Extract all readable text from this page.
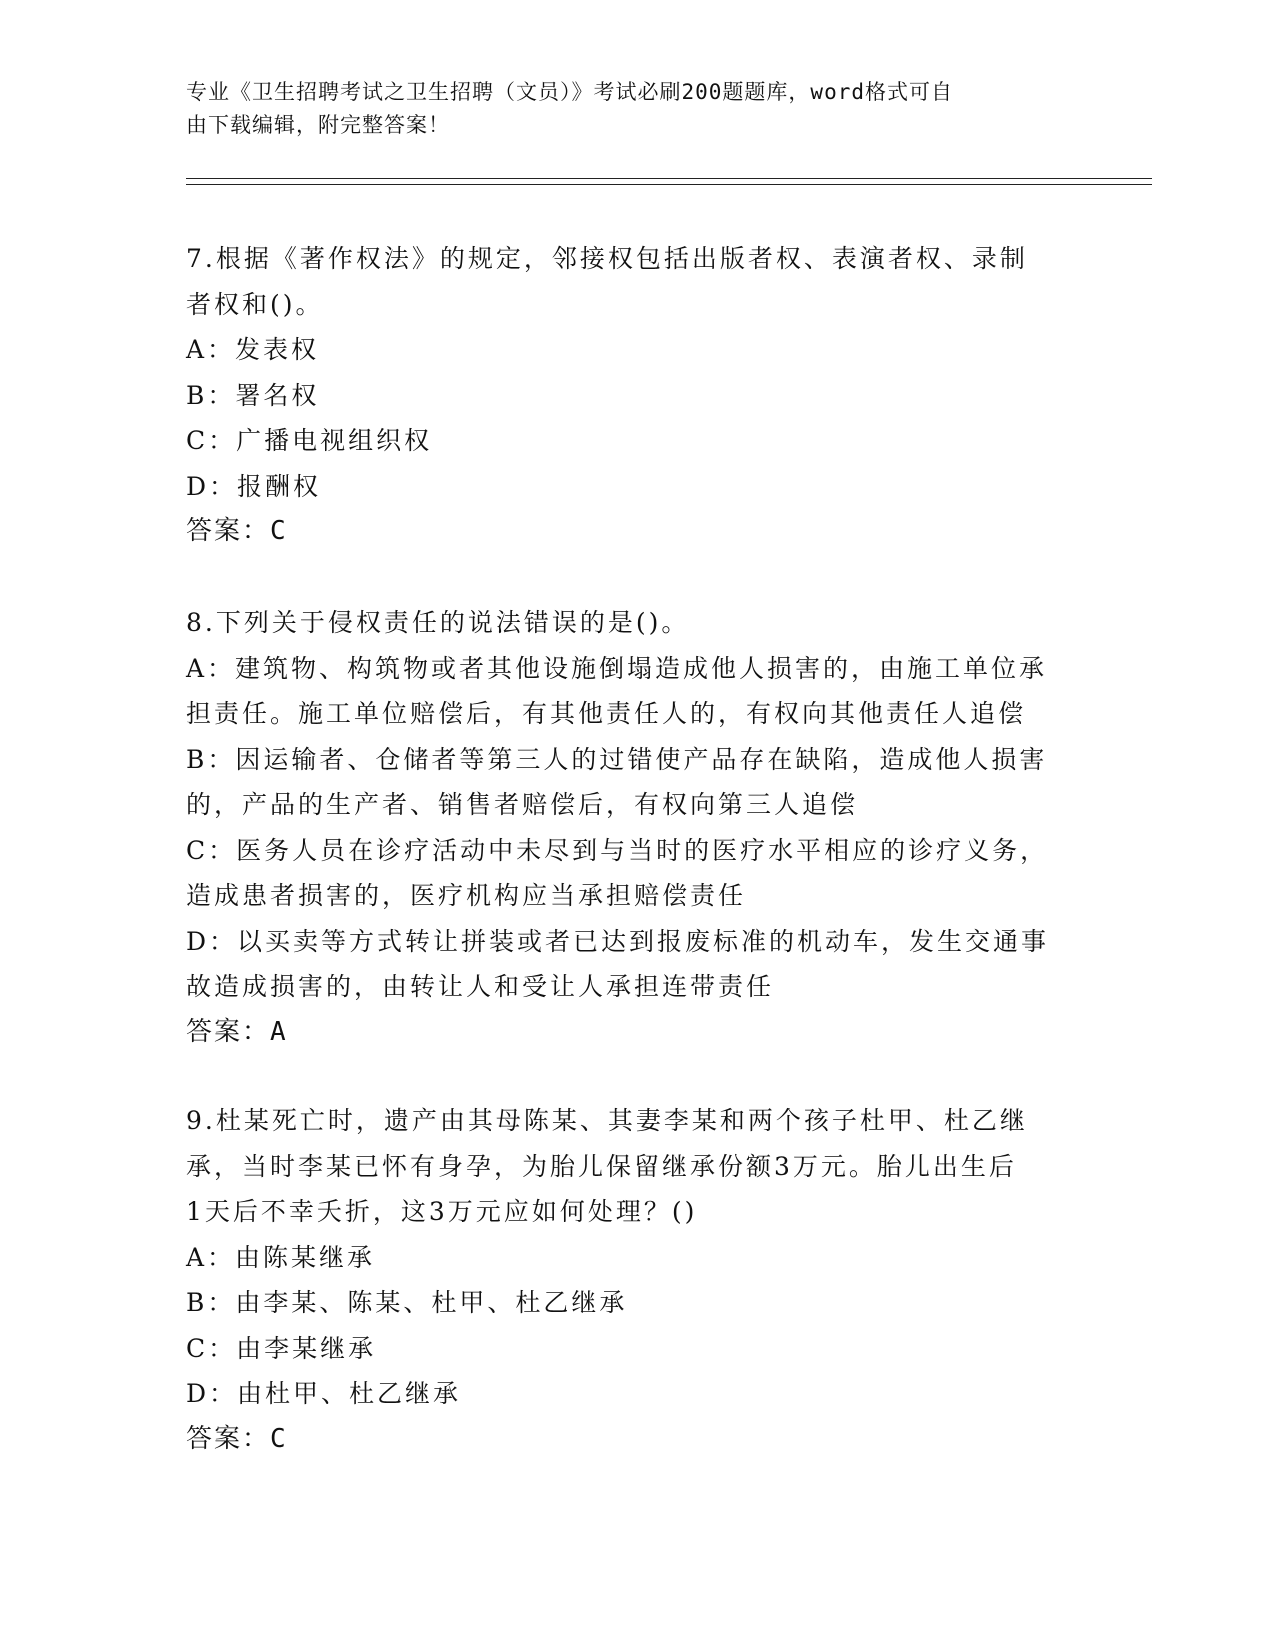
专业《卫生招聘考试之卫生招聘（文员）》考试必刷200题题库，word格式可自
由下载编辑，附完整答案！

7.根据《著作权法》的规定，邻接权包括出版者权、表演者权、录制

者权和()。

A：发表权

B：署名权

C：广播电视组织权

D：报酬权

答案：C

8.下列关于侵权责任的说法错误的是()。

A：建筑物、构筑物或者其他设施倒塌造成他人损害的，由施工单位承

担责任。施工单位赔偿后，有其他责任人的，有权向其他责任人追偿

B：因运输者、仓储者等第三人的过错使产品存在缺陷，造成他人损害

的，产品的生产者、销售者赔偿后，有权向第三人追偿

C：医务人员在诊疗活动中未尽到与当时的医疗水平相应的诊疗义务，

造成患者损害的，医疗机构应当承担赔偿责任

D：以买卖等方式转让拼装或者已达到报废标准的机动车，发生交通事

故造成损害的，由转让人和受让人承担连带责任

答案：A

9.杜某死亡时，遗产由其母陈某、其妻李某和两个孩子杜甲、杜乙继

承，当时李某已怀有身孕，为胎儿保留继承份额3万元。胎儿出生后

1天后不幸夭折，这3万元应如何处理？()

A：由陈某继承

B：由李某、陈某、杜甲、杜乙继承

C：由李某继承

D：由杜甲、杜乙继承

答案：C
